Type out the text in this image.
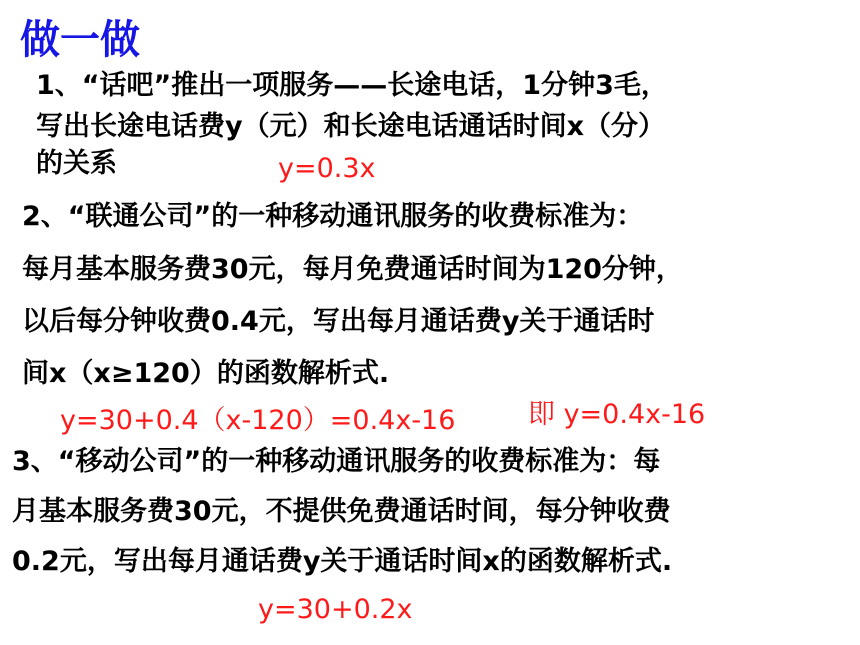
做一做
1、“话吧”推出一项服务——长途电话，1分钟3毛，
写出长途电话费y（元）和长途电话通话时间x（分）
的关系	y=0.3x
2、“联通公司”的一种移动通讯服务的收费标准为：
每月基本服务费30元，每月免费通话时间为120分钟，
以后每分钟收费0.4元，写出每月通话费y关于通话时
间x（x≥120）的函数解析式.
y=30+0.4（x-120）=0.4x-16	即 y=0.4x-16
3、“移动公司”的一种移动通讯服务的收费标准为：每
月基本服务费30元，不提供免费通话时间，每分钟收费
0.2元，写出每月通话费y关于通话时间x的函数解析式.
y=30+0.2x
